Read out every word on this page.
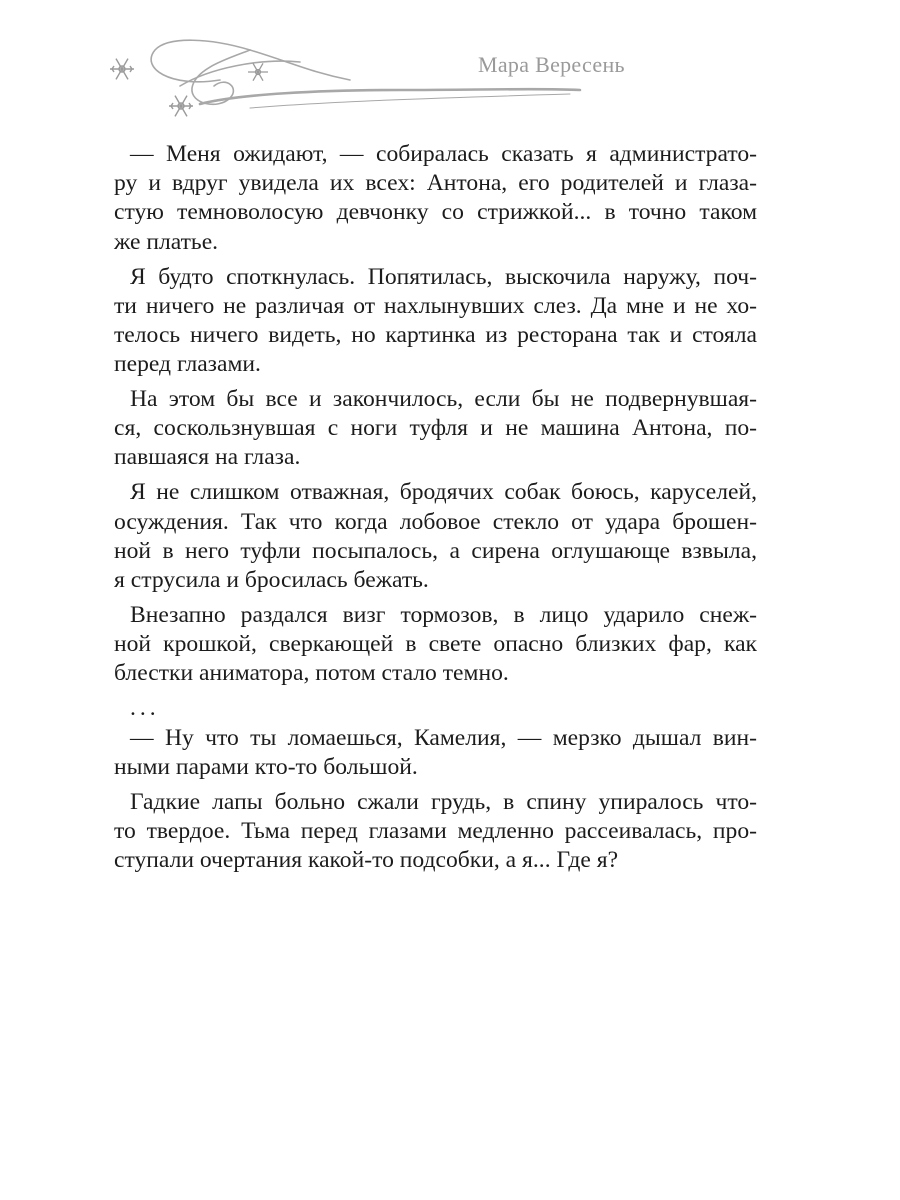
Мара Вересень

— Меня ожидают, — собиралась сказать я администрато-
ру и вдруг увидела их всех: Антона, его родителей и глаза-
стую темноволосую девчонку со стрижкой... в точно таком
же платье.

Я будто споткнулась. Попятилась, выскочила наружу, поч-
ти ничего не различая от нахлынувших слез. Да мне и не хо-
телось ничего видеть, но картинка из ресторана так и стояла
перед глазами.

На этом бы все и закончилось, если бы не подвернувшая-
ся, соскользнувшая с ноги туфля и не машина Антона, по-
павшаяся на глаза.

Я не слишком отважная, бродячих собак боюсь, каруселей,
осуждения. Так что когда лобовое стекло от удара брошен-
ной в него туфли посыпалось, а сирена оглушающе взвыла,
я струсила и бросилась бежать.

Внезапно раздался визг тормозов, в лицо ударило снеж-
ной крошкой, сверкающей в свете опасно близких фар, как
блестки аниматора, потом стало темно.

...

— Ну что ты ломаешься, Камелия, — мерзко дышал вин-
ными парами кто-то большой.

Гадкие лапы больно сжали грудь, в спину упиралось что-
то твердое. Тьма перед глазами медленно рассеивалась, про-
ступали очертания какой-то подсобки, а я... Где я?
